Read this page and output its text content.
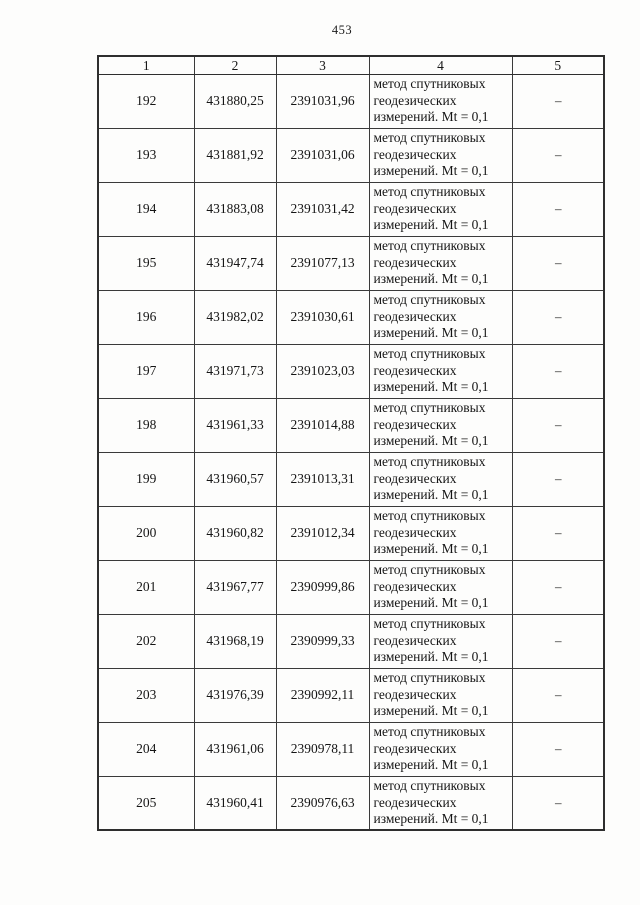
453
1	2	3	4	5
192	431880,25	2391031,96	метод спутниковых
геодезических
измерений. Mt = 0,1	–
193	431881,92	2391031,06	метод спутниковых
геодезических
измерений. Mt = 0,1	–
194	431883,08	2391031,42	метод спутниковых
геодезических
измерений. Mt = 0,1	–
195	431947,74	2391077,13	метод спутниковых
геодезических
измерений. Mt = 0,1	–
196	431982,02	2391030,61	метод спутниковых
геодезических
измерений. Mt = 0,1	–
197	431971,73	2391023,03	метод спутниковых
геодезических
измерений. Mt = 0,1	–
198	431961,33	2391014,88	метод спутниковых
геодезических
измерений. Mt = 0,1	–
199	431960,57	2391013,31	метод спутниковых
геодезических
измерений. Mt = 0,1	–
200	431960,82	2391012,34	метод спутниковых
геодезических
измерений. Mt = 0,1	–
201	431967,77	2390999,86	метод спутниковых
геодезических
измерений. Mt = 0,1	–
202	431968,19	2390999,33	метод спутниковых
геодезических
измерений. Mt = 0,1	–
203	431976,39	2390992,11	метод спутниковых
геодезических
измерений. Mt = 0,1	–
204	431961,06	2390978,11	метод спутниковых
геодезических
измерений. Mt = 0,1	–
205	431960,41	2390976,63	метод спутниковых
геодезических
измерений. Mt = 0,1	–
